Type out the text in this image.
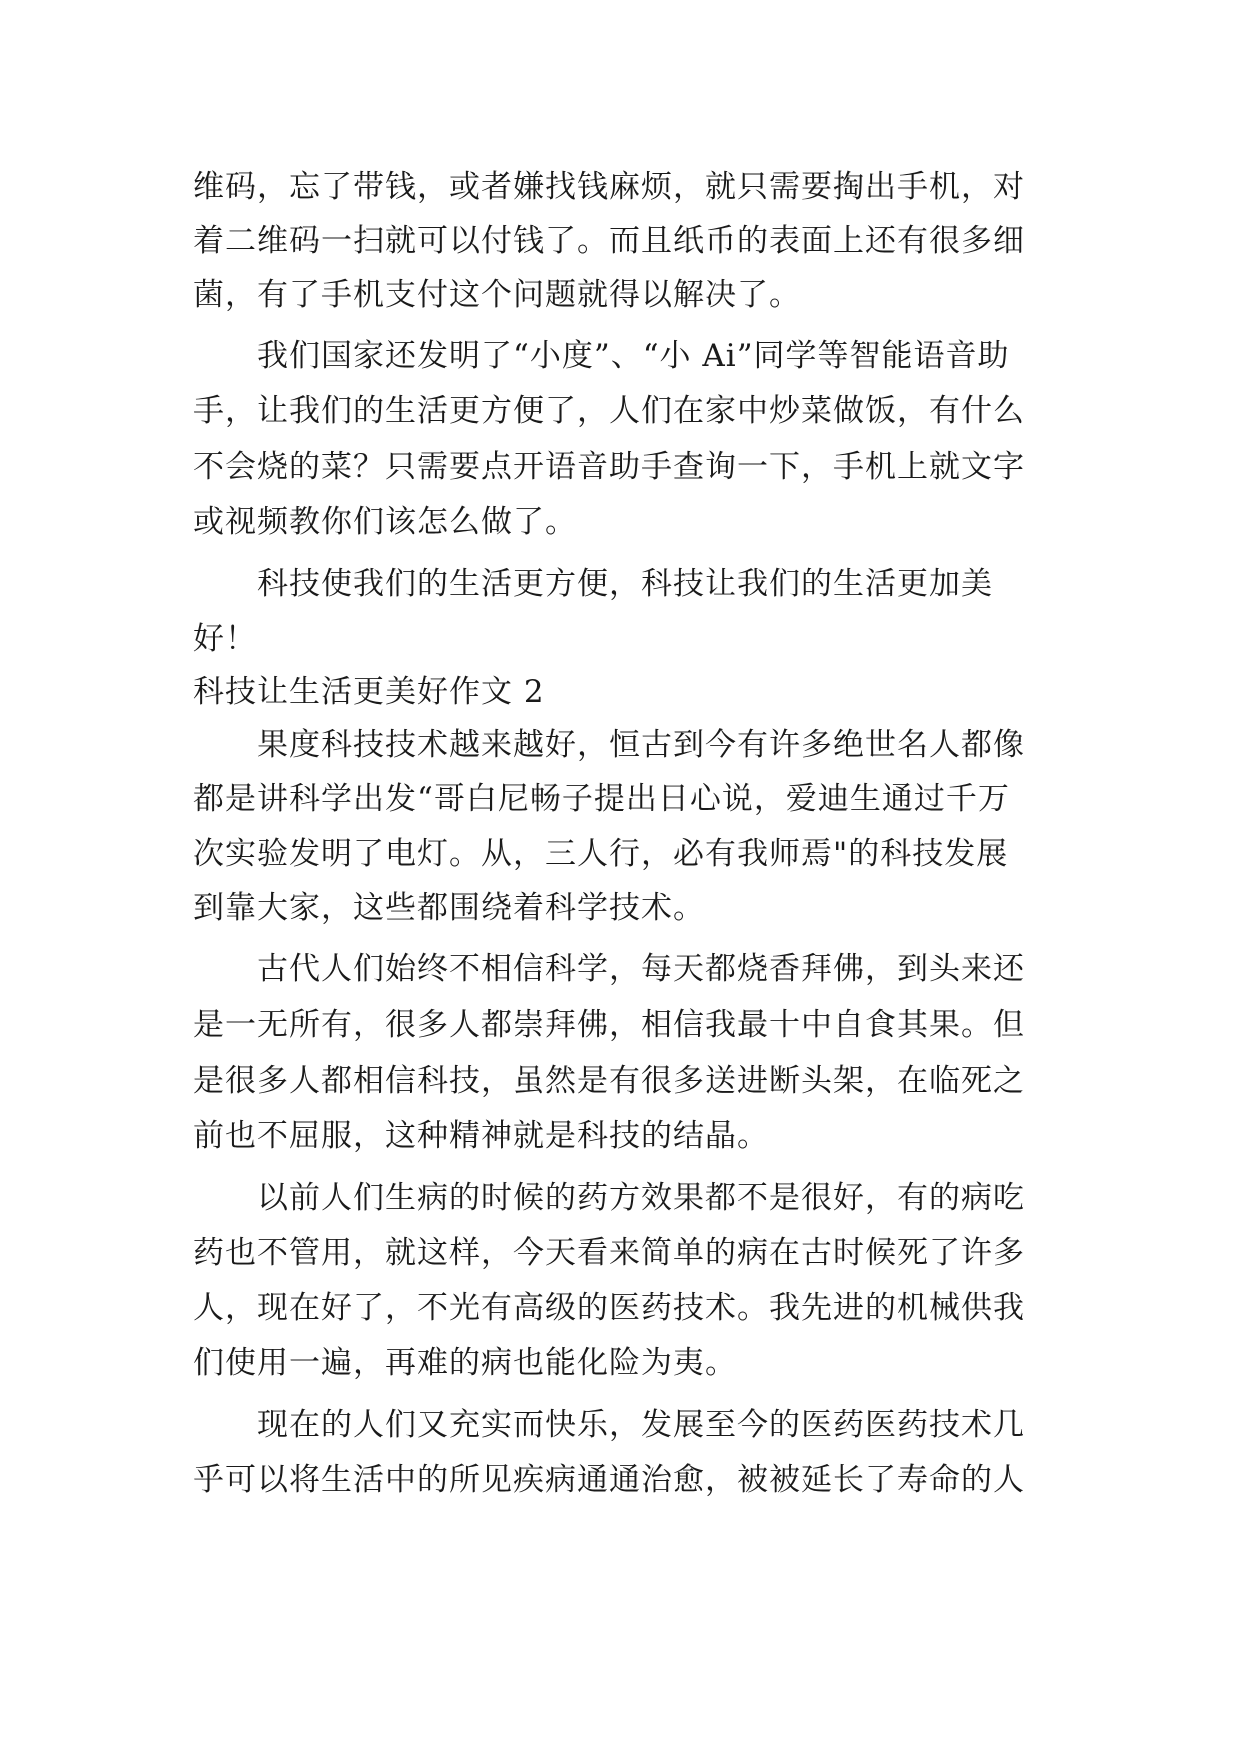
维码，忘了带钱，或者嫌找钱麻烦，就只需要掏出手机，对
着二维码一扫就可以付钱了。而且纸币的表面上还有很多细
菌，有了手机支付这个问题就得以解决了。
我们国家还发明了“小度”、“小 Ai”同学等智能语音助
手，让我们的生活更方便了，人们在家中炒菜做饭，有什么
不会烧的菜？只需要点开语音助手查询一下，手机上就文字
或视频教你们该怎么做了。
科技使我们的生活更方便，科技让我们的生活更加美
好！
科技让生活更美好作文 2
果度科技技术越来越好，恒古到今有许多绝世名人都像
都是讲科学出发“哥白尼畅子提出日心说，爱迪生通过千万
次实验发明了电灯。从，三人行，必有我师焉"的科技发展
到靠大家，这些都围绕着科学技术。
古代人们始终不相信科学，每天都烧香拜佛，到头来还
是一无所有，很多人都崇拜佛，相信我最十中自食其果。但
是很多人都相信科技，虽然是有很多送进断头架，在临死之
前也不屈服，这种精神就是科技的结晶。
以前人们生病的时候的药方效果都不是很好，有的病吃
药也不管用，就这样，今天看来简单的病在古时候死了许多
人，现在好了，不光有高级的医药技术。我先进的机械供我
们使用一遍，再难的病也能化险为夷。
现在的人们又充实而快乐，发展至今的医药医药技术几
乎可以将生活中的所见疾病通通治愈，被被延长了寿命的人
